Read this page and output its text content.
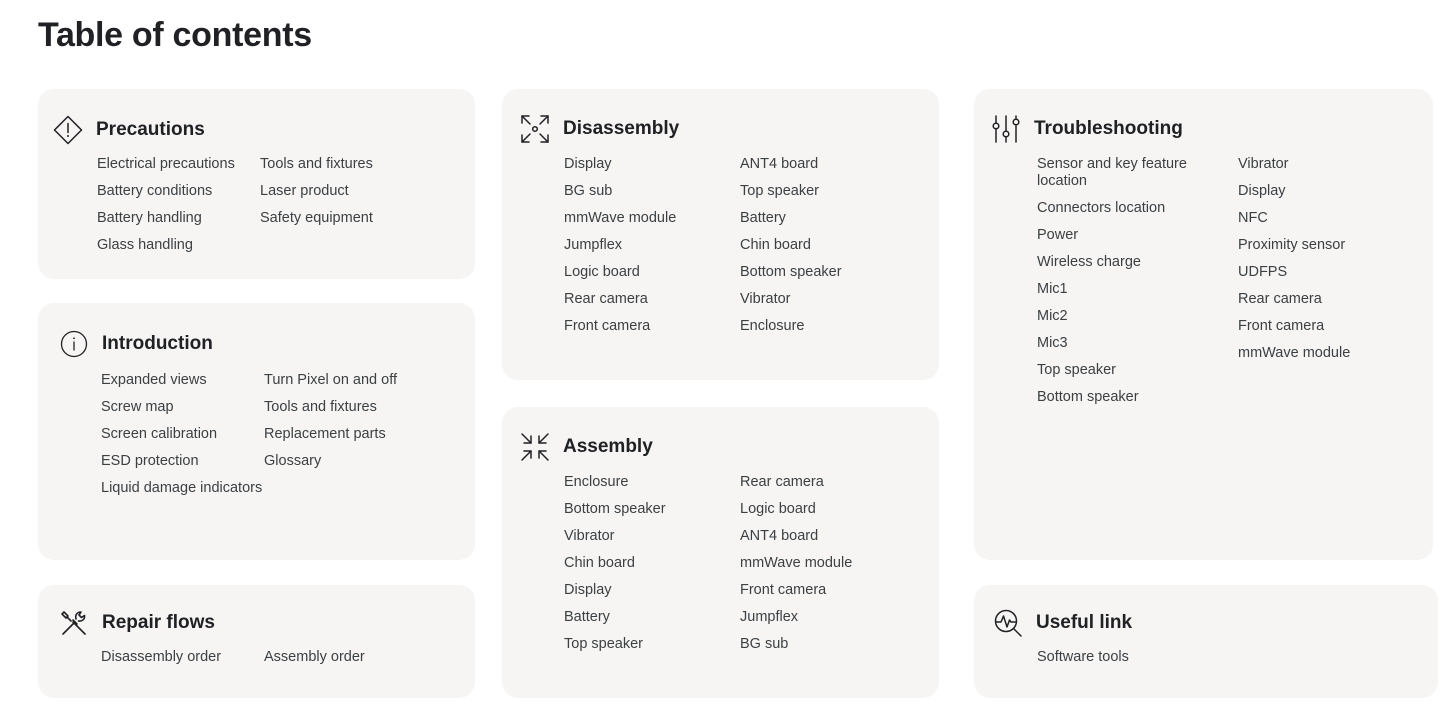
Table of contents
Precautions
Electrical precautions
Battery conditions
Battery handling
Glass handling
Tools and fixtures
Laser product
Safety equipment
Introduction
Expanded views
Screw map
Screen calibration
ESD protection
Liquid damage indicators
Turn Pixel on and off
Tools and fixtures
Replacement parts
Glossary
Repair flows
Disassembly order	Assembly order
Disassembly
Display
BG sub
mmWave module
Jumpflex
Logic board
Rear camera
Front camera
ANT4 board
Top speaker
Battery
Chin board
Bottom speaker
Vibrator
Enclosure
Assembly
Enclosure
Bottom speaker
Vibrator
Chin board
Display
Battery
Top speaker
Rear camera
Logic board
ANT4 board
mmWave module
Front camera
Jumpflex
BG sub
Troubleshooting
Sensor and key feature location
Connectors location
Power
Wireless charge
Mic1
Mic2
Mic3
Top speaker
Bottom speaker
Vibrator
Display
NFC
Proximity sensor
UDFPS
Rear camera
Front camera
mmWave module
Useful link
Software tools
